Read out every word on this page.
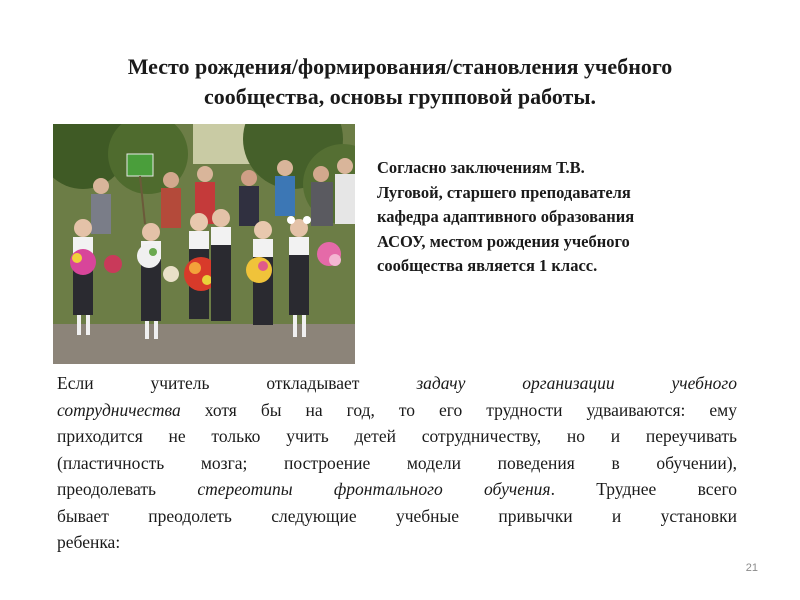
Место рождения/формирования/становления учебного
сообщества, основы групповой работы.
Согласно заключениям Т.В.
Луговой, старшего преподавателя
кафедра адаптивного образования
АСОУ, местом рождения учебного
сообщества является 1 класс.
Если учитель откладывает задачу организации учебного
сотрудничества хотя бы на год, то его трудности удваиваются: ему
приходится не только учить детей сотрудничеству, но и переучивать
(пластичность мозга; построение модели поведения в обучении),
преодолевать стереотипы фронтального обучения. Труднее всего
бывает преодолеть следующие учебные привычки и установки
ребенка:
21
